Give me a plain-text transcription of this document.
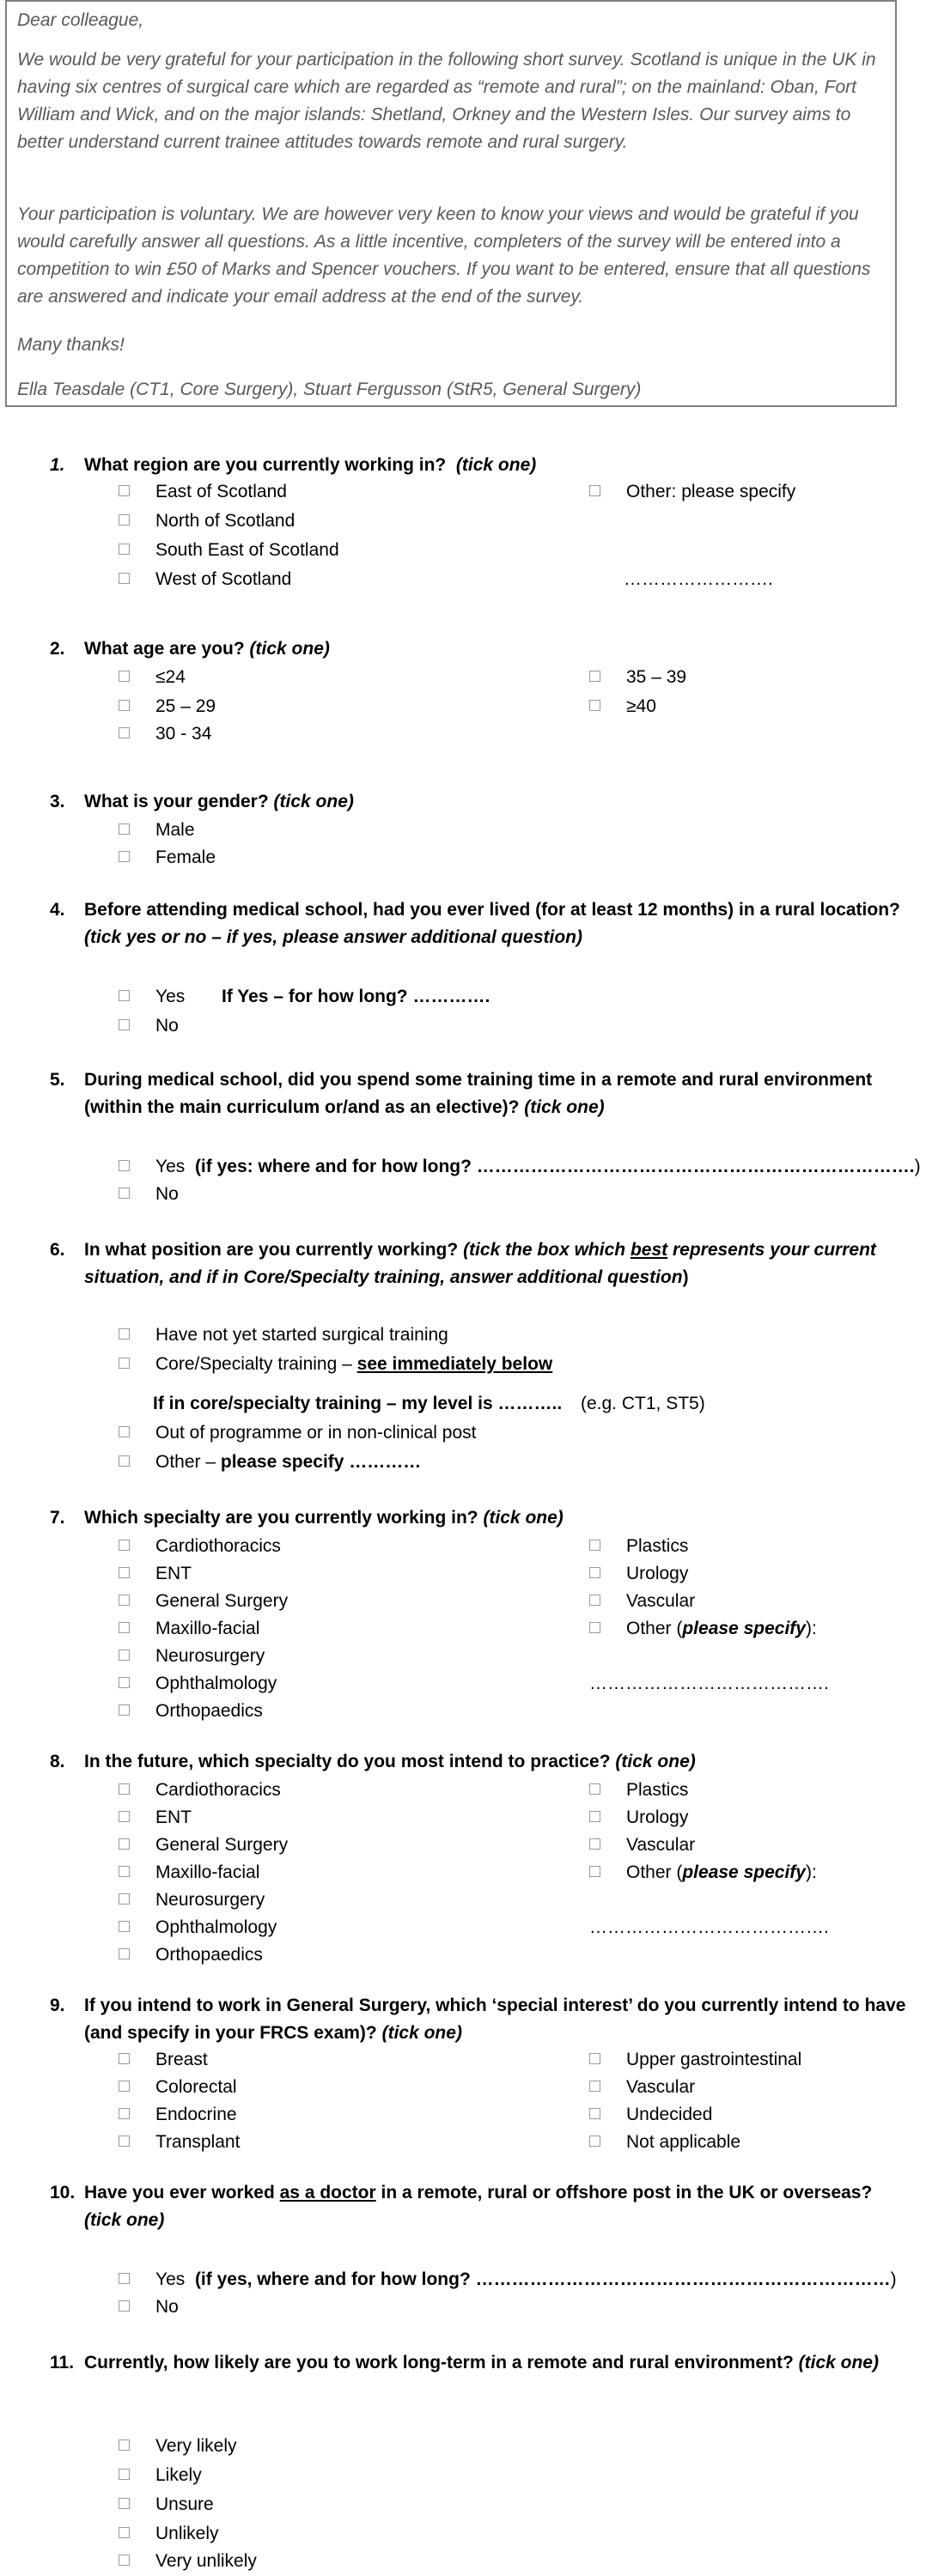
Dear colleague,

We would be very grateful for your participation in the following short survey. Scotland is unique in the UK in having six centres of surgical care which are regarded as “remote and rural”; on the mainland: Oban, Fort William and Wick, and on the major islands: Shetland, Orkney and the Western Isles. Our survey aims to better understand current trainee attitudes towards remote and rural surgery.

Your participation is voluntary. We are however very keen to know your views and would be grateful if you would carefully answer all questions. As a little incentive, completers of the survey will be entered into a competition to win £50 of Marks and Spencer vouchers. If you want to be entered, ensure that all questions are answered and indicate your email address at the end of the survey.

Many thanks!

Ella Teasdale (CT1, Core Surgery), Stuart Fergusson (StR5, General Surgery)

1. What region are you currently working in? (tick one)
East of Scotland
North of Scotland
South East of Scotland
West of Scotland
Other: please specify
…………………….
2. What age are you? (tick one)
≤24
25 – 29
30 - 34
35 – 39
≥40
3. What is your gender? (tick one)
Male
Female
4. Before attending medical school, had you ever lived (for at least 12 months) in a rural location? (tick yes or no – if yes, please answer additional question)
Yes If Yes – for how long? ………….
No
5. During medical school, did you spend some training time in a remote and rural environment (within the main curriculum or/and as an elective)? (tick one)
Yes (if yes: where and for how long? ……………………………………………………………….)
No
6. In what position are you currently working? (tick the box which best represents your current situation, and if in Core/Specialty training, answer additional question)
Have not yet started surgical training
Core/Specialty training – see immediately below
If in core/specialty training – my level is ……….. (e.g. CT1, ST5)
Out of programme or in non-clinical post
Other – please specify …………
7. Which specialty are you currently working in? (tick one)
Cardiothoracics
ENT
General Surgery
Maxillo-facial
Neurosurgery
Ophthalmology
Orthopaedics
Plastics
Urology
Vascular
Other (please specify):
………………………………….
8. In the future, which specialty do you most intend to practice? (tick one)
Cardiothoracics
ENT
General Surgery
Maxillo-facial
Neurosurgery
Ophthalmology
Orthopaedics
Plastics
Urology
Vascular
Other (please specify):
………………………………….
9. If you intend to work in General Surgery, which ‘special interest’ do you currently intend to have (and specify in your FRCS exam)? (tick one)
Breast
Colorectal
Endocrine
Transplant
Upper gastrointestinal
Vascular
Undecided
Not applicable
10. Have you ever worked as a doctor in a remote, rural or offshore post in the UK or overseas? (tick one)
Yes (if yes, where and for how long? ……………………………………………………………)
No
11. Currently, how likely are you to work long-term in a remote and rural environment? (tick one)
Very likely
Likely
Unsure
Unlikely
Very unlikely
